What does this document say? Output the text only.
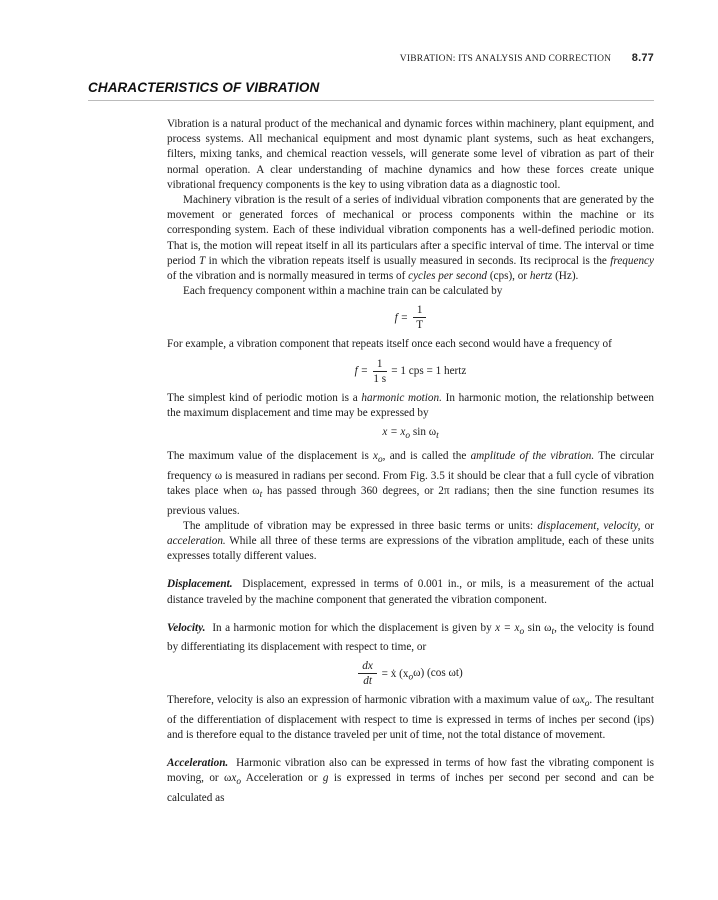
VIBRATION: ITS ANALYSIS AND CORRECTION 8.77
CHARACTERISTICS OF VIBRATION

Vibration is a natural product of the mechanical and dynamic forces within machinery, plant equipment, and process systems. All mechanical equipment and most dynamic plant systems, such as heat exchangers, filters, mixing tanks, and chemical reaction vessels, will generate some level of vibration as part of their normal operation. A clear understanding of machine dynamics and how these forces create unique vibrational frequency components is the key to using vibration data as a diagnostic tool.

Machinery vibration is the result of a series of individual vibration components that are generated by the movement or generated forces of mechanical or process components within the machine or its corresponding system. Each of these individual vibration components has a well-defined periodic motion. That is, the motion will repeat itself in all its particulars after a specific interval of time. The interval or time period T in which the vibration repeats itself is usually measured in seconds. Its reciprocal is the frequency of the vibration and is normally measured in terms of cycles per second (cps), or hertz (Hz).

Each frequency component within a machine train can be calculated by

$f = \frac{1}{T}$

For example, a vibration component that repeats itself once each second would have a frequency of

$f = \frac{1}{1 s} = 1$ cps = 1 hertz

The simplest kind of periodic motion is a harmonic motion. In harmonic motion, the relationship between the maximum displacement and time may be expressed by

$x = x_o$ $\sin \omega_t$

The maximum value of the displacement is $x_o$, and is called the amplitude of the vibration. The circular frequency ω is measured in radians per second. From Fig. 3.5 it should be clear that a full cycle of vibration takes place when $\omega_t$ has passed through 360 degrees, or 2π radians; then the sine function resumes its previous values.

The amplitude of vibration may be expressed in three basic terms or units: displacement, velocity, or acceleration. While all three of these terms are expressions of the vibration amplitude, each of these units expresses totally different values.

Displacement. Displacement, expressed in terms of 0.001 in., or mils, is a measurement of the actual distance traveled by the machine component that generated the vibration component.

Velocity. In a harmonic motion for which the displacement is given by $x = x_o$ $\sin \omega_t$, the velocity is found by differentiating its displacement with respect to time, or

$\frac{dx}{dt}$ = ẋ $(x_o\omega)$ (cos ωt)

Therefore, velocity is also an expression of harmonic vibration with a maximum value of $\omega x_o$. The resultant of the differentiation of displacement with respect to time is expressed in terms of inches per second (ips) and is therefore equal to the distance traveled per unit of time, not the total distance of movement.

Acceleration. Harmonic vibration also can be expressed in terms of how fast the vibrating component is moving, or $\omega x_o$ Acceleration or g is expressed in terms of inches per second per second and can be calculated as
